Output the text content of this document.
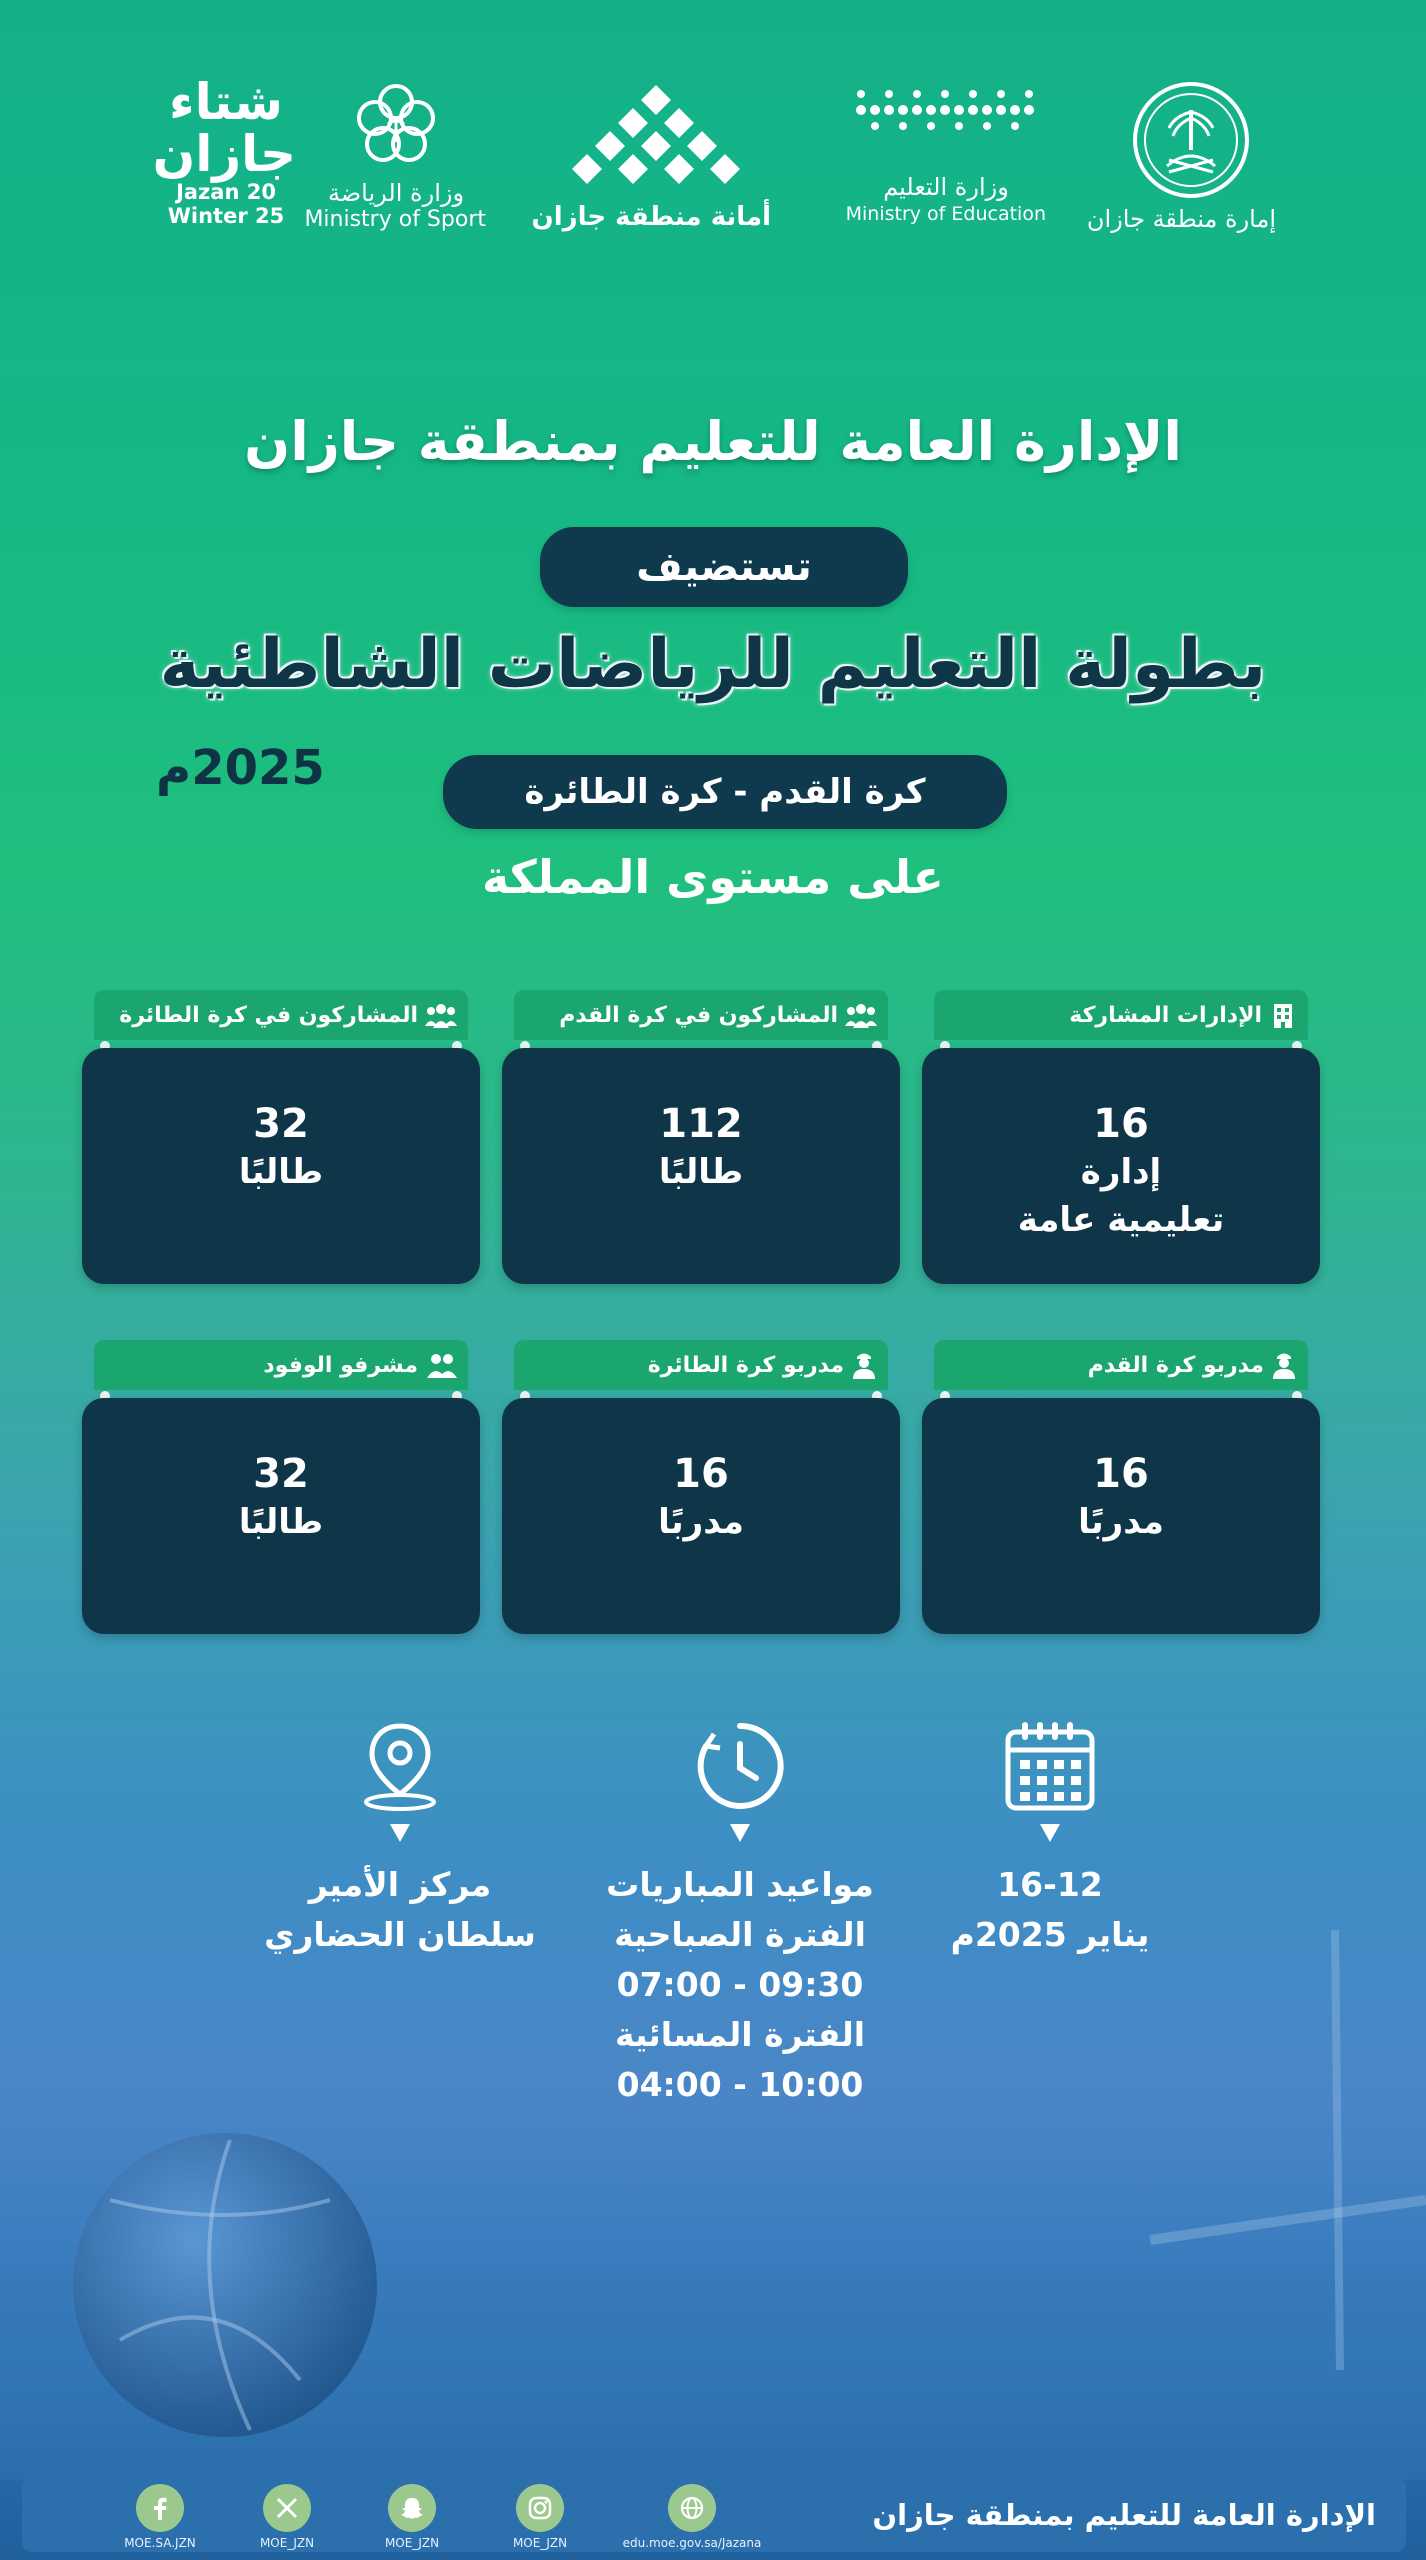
إمارة منطقة جازان
وزارة التعليم
Ministry of Education
أمانة منطقة جازان
وزارة الرياضة
Ministry of Sport
شتاء
جازان
Jazan 20
Winter 25
الإدارة العامة للتعليم بمنطقة جازان
تستضيف
بطولة التعليم للرياضات الشاطئية
2025م	كرة القدم - كرة الطائرة
على مستوى المملكة
الإدارات المشاركة
16
إدارة
تعليمية عامة
المشاركون في كرة القدم
112
طالبًا
المشاركون في كرة الطائرة
32
طالبًا
مدربو كرة القدم
16
مدربًا
مدربو كرة الطائرة
16
مدربًا
مشرفو الوفود
32
طالبًا
16-12
يناير 2025م
مواعيد المباريات
الفترة الصباحية
07:00 - 09:30
الفترة المسائية
04:00 - 10:00
مركز الأمير
سلطان الحضاري
الإدارة العامة للتعليم بمنطقة جازان
MOE.SA.JZN	MOE_JZN	MOE_JZN	MOE_JZN	edu.moe.gov.sa/Jazana
